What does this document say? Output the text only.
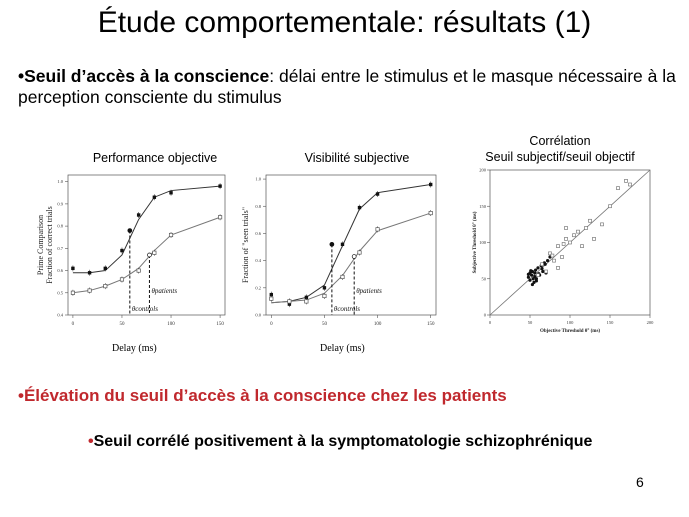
Étude comportementale: résultats (1)
•Seuil d’accès à la conscience: délai entre le stimulus et le masque nécessaire à la perception consciente du stimulus
Performance objective	Visibilité subjective
Corrélation
Seuil subjectif/seuil objectif
0	50	100	150
0.4
0.5
0.6
0.7
0.8
0.9
1.0
Prime Comparison Fraction of correct trials
θcontrols
θpatients
0	50	100	150
0.0
0.2
0.4
0.6
0.8
1.0
Fraction of "seen trials"
θcontrols
θpatients
0	50	100	150	200
0
50
100
150
200
Objective Threshold θ° (ms)
Subjective Threshold θ° (ms)
Delay (ms)	Delay (ms)
•Élévation du seuil d’accès à la conscience chez les patients
•Seuil corrélé positivement à la symptomatologie schizophrénique
6
